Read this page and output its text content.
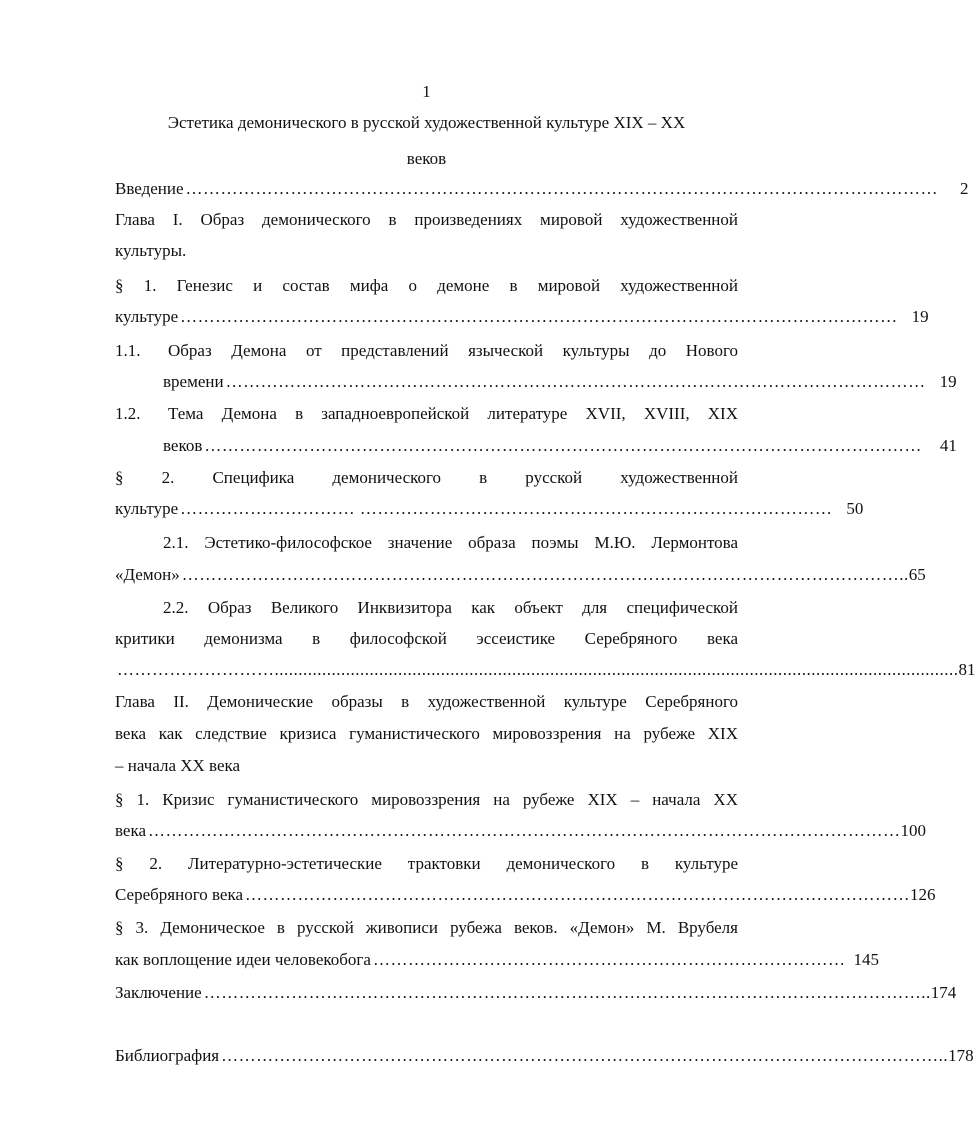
1
Эстетика демонического в русской художественной культуре XIX – XX
веков
Введение ………………………………………………………………………………………………………………… 2
Глава I. Образ демонического в произведениях мировой художественной
культуры.
§ 1. Генезис и состав мифа о демоне в мировой художественной
культуре …………………………………………………………………………………………………………… 19
1.1.	Образ Демона от представлений языческой культуры до Нового
времени ………………………………………………………………………………………………………… 19
1.2.	Тема Демона в западноевропейской литературе XVII, XVIII, XIX
веков …………………………………………………………………………………………………………… 41
§ 2. Специфика демонического в русской художественной
культуре ………………………… ……………………………………………………………………… 50
2.1. Эстетико-философское значение образа поэмы М.Ю. Лермонтова
«Демон» …………………………………………………………………………………………………………….. 65
2.2. Образ Великого Инквизитора как объект для специфической
критики демонизма в философской эссеистике Серебряного века
………………………................................................................................................................................................ 81
Глава II. Демонические образы в художественной культуре Серебряного
века как следствие кризиса гуманистического мировоззрения на рубеже XIX
– начала XX века
§ 1. Кризис гуманистического мировоззрения на рубеже XIX – начала XX
века ………………………………………………………………………………………………………………… 100
§ 2. Литературно-эстетические трактовки демонического в культуре
Серебряного века …………………………………………………………………………………………………… 126
§ 3. Демоническое в русской живописи рубежа веков. «Демон» М. Врубеля
как воплощение идеи человекобога ……………………………………………………………………… 145
Заключение …………………………………………………………………………………………………………….. 174
Библиография …………………………………………………………………………………………………………….. 178
